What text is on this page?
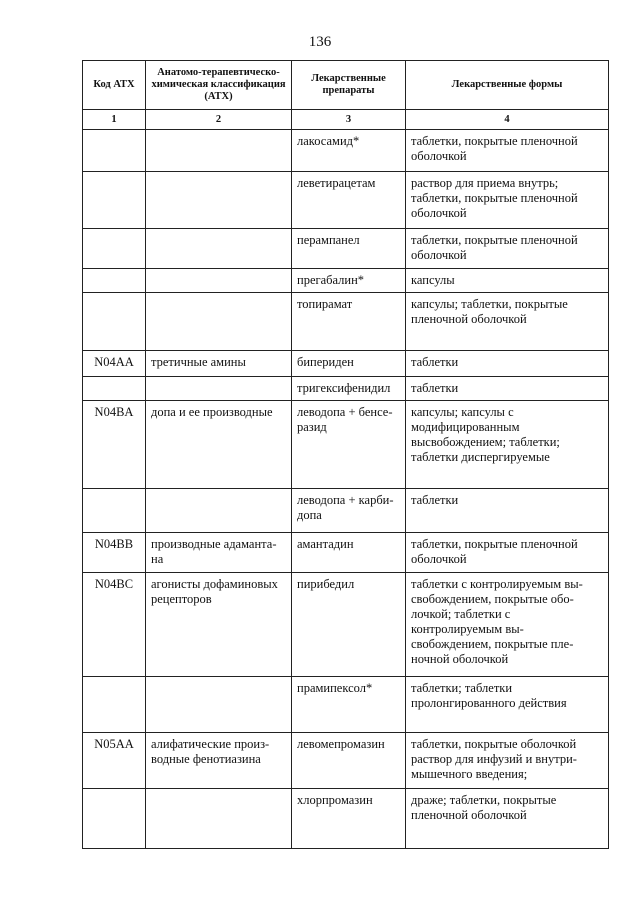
136
Код АТХ	Анатомо-терапевтическо-химическая классификация (АТХ)	Лекарственные препараты	Лекарственные формы
1	2	3	4
		лакосамид*	таблетки, покрытые пленочной оболочкой
		леветирацетам	раствор для приема внутрь; таблетки, покрытые пленочной оболочкой
		перампанел	таблетки, покрытые пленочной оболочкой
		прегабалин*	капсулы
		топирамат	капсулы; таблетки, покрытые пленочной оболочкой
N04AA	третичные амины	бипериден	таблетки
		тригексифенидил	таблетки
N04BA	допа и ее производные	леводопа + бенсе-разид	капсулы; капсулы с модифицированным высвобождением; таблетки; таблетки диспергируемые
		леводопа + карби-допа	таблетки
N04BB	производные адаманта-на	амантадин	таблетки, покрытые пленочной оболочкой
N04BC	агонисты дофаминовых рецепторов	пирибедил	таблетки с контролируемым вы-свобождением, покрытые обо-лочкой; таблетки с контролируемым вы-свобождением, покрытые пле-ночной оболочкой
		прамипексол*	таблетки; таблетки пролонгированного действия
N05AA	алифатические произ-водные фенотиазина	левомепромазин	таблетки, покрытые оболочкой раствор для инфузий и внутри-мышечного введения;
		хлорпромазин	драже; таблетки, покрытые пленочной оболочкой
